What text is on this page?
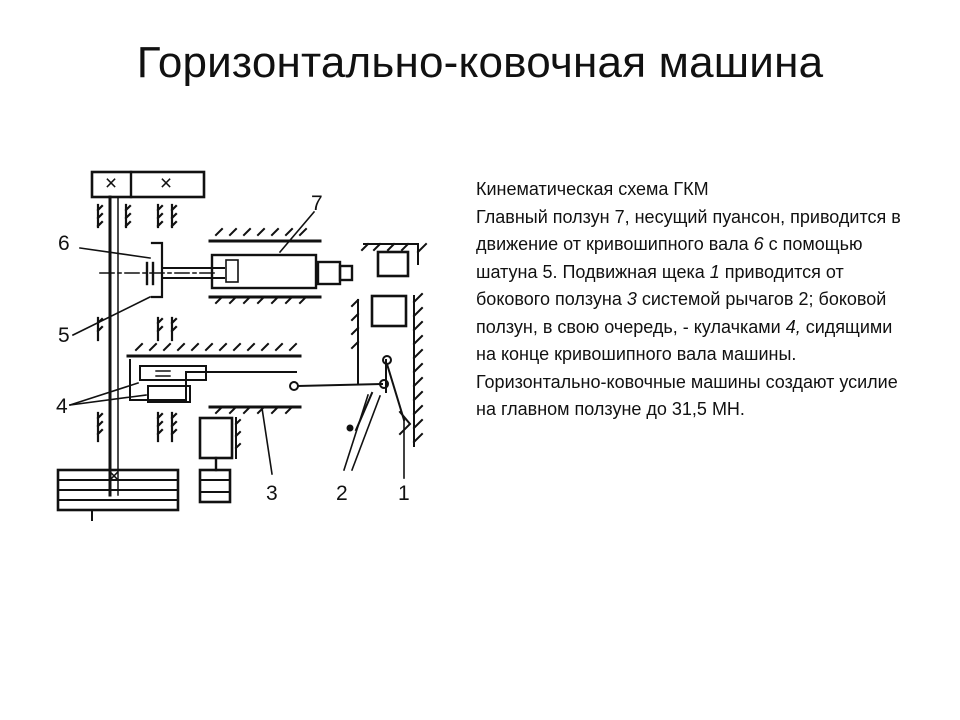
Горизонтально-ковочная машина
× ×
×
7
6
5
4
3	2 1

Кинематическая схема ГКМ

Главный ползун 7, несущий пуансон, приводится в движение от кривошипного вала 6 с помощью шатуна 5. Подвижная щека 1 приводится от бокового ползуна 3 системой рычагов 2; боковой ползун, в свою очередь, - кулачками 4, сидящими на конце кривошипного вала машины.

Горизонтально-ковочные машины создают усилие на главном ползуне до 31,5 МН.
